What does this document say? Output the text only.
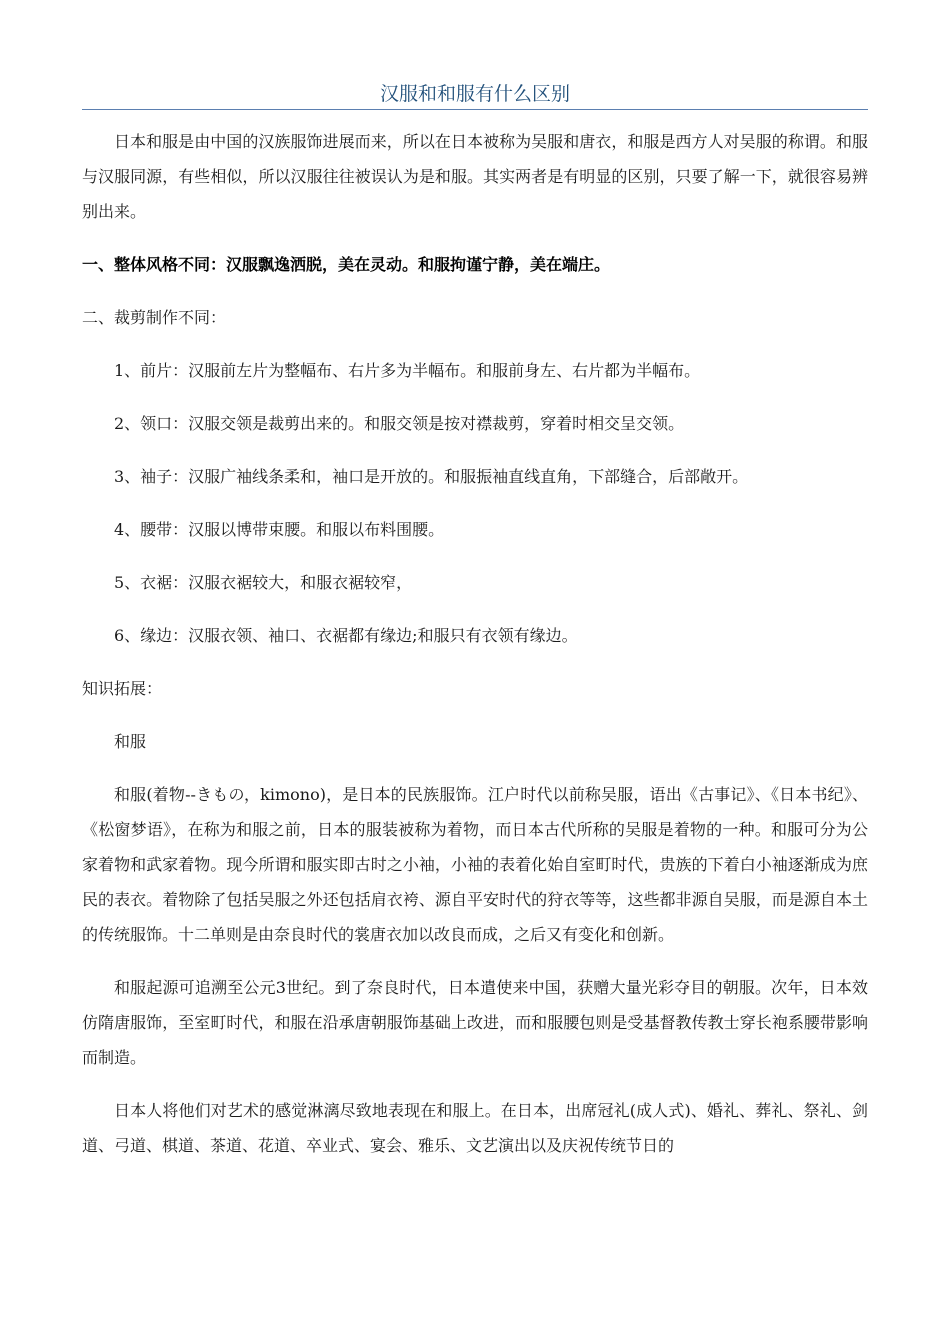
汉服和和服有什么区别

日本和服是由中国的汉族服饰进展而来，所以在日本被称为吴服和唐衣，和服是西方人对吴服的称谓。和服与汉服同源，有些相似，所以汉服往往被误认为是和服。其实两者是有明显的区别，只要了解一下，就很容易辨别出来。

一、整体风格不同：汉服飘逸洒脱，美在灵动。和服拘谨宁静，美在端庄。

二、裁剪制作不同：

1、前片：汉服前左片为整幅布、右片多为半幅布。和服前身左、右片都为半幅布。
2、领口：汉服交领是裁剪出来的。和服交领是按对襟裁剪，穿着时相交呈交领。
3、袖子：汉服广袖线条柔和，袖口是开放的。和服振袖直线直角，下部缝合，后部敞开。
4、腰带：汉服以博带束腰。和服以布料围腰。
5、衣裾：汉服衣裾较大，和服衣裾较窄，
6、缘边：汉服衣领、袖口、衣裾都有缘边;和服只有衣领有缘边。

知识拓展：

和服

和服(着物--きもの，kimono)，是日本的民族服饰。江户时代以前称吴服，语出《古事记》、《日本书纪》、《松窗梦语》，在称为和服之前，日本的服装被称为着物，而日本古代所称的吴服是着物的一种。和服可分为公家着物和武家着物。现今所谓和服实即古时之小袖，小袖的表着化始自室町时代，贵族的下着白小袖逐渐成为庶民的表衣。着物除了包括吴服之外还包括肩衣袴、源自平安时代的狩衣等等，这些都非源自吴服，而是源自本土的传统服饰。十二单则是由奈良时代的裳唐衣加以改良而成，之后又有变化和创新。

和服起源可追溯至公元3世纪。到了奈良时代，日本遣使来中国，获赠大量光彩夺目的朝服。次年，日本效仿隋唐服饰，至室町时代，和服在沿承唐朝服饰基础上改进，而和服腰包则是受基督教传教士穿长袍系腰带影响而制造。

日本人将他们对艺术的感觉淋漓尽致地表现在和服上。在日本，出席冠礼(成人式)、婚礼、葬礼、祭礼、剑道、弓道、棋道、茶道、花道、卒业式、宴会、雅乐、文艺演出以及庆祝传统节日的
